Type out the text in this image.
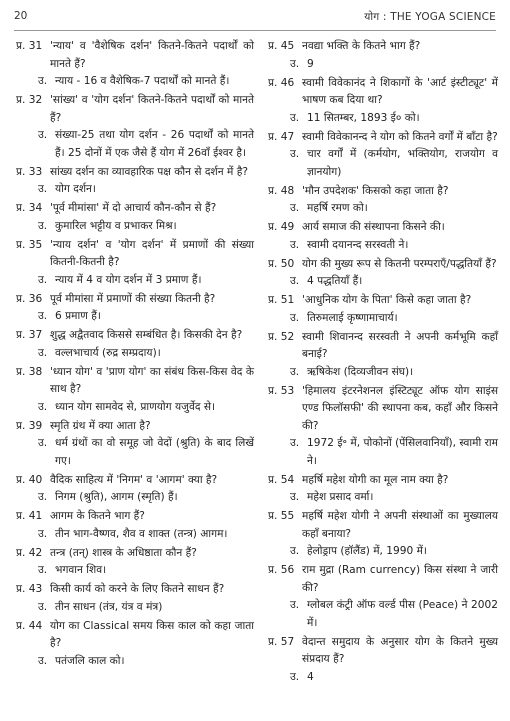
20	योग : THE YOGA SCIENCE
प्र. 31 'न्याय' व 'वैशेषिक दर्शन' कितने-कितने पदार्थों को मानते हैं?
उ. न्याय - 16 व वैशेषिक-7 पदार्थों को मानते हैं।
प्र. 32 'सांख्य' व 'योग दर्शन' कितने-कितने पदार्थों को मानते हैं?
उ. संख्या-25 तथा योग दर्शन - 26 पदार्थों को मानते हैं। 25 दोनों में एक जैसे हैं योग में 26वाँ ईश्वर है।
प्र. 33 सांख्य दर्शन का व्यावहारिक पक्ष कौन से दर्शन में है?
उ. योग दर्शन।
प्र. 34 'पूर्व मीमांसा' में दो आचार्य कौन-कौन से हैं?
उ. कुमारिल भट्टीय व प्रभाकर मिश्र।
प्र. 35 'न्याय दर्शन' व 'योग दर्शन' में प्रमाणों की संख्या कितनी-कितनी है?
उ. न्याय में 4 व योग दर्शन में 3 प्रमाण हैं।
प्र. 36 पूर्व मीमांसा में प्रमाणों की संख्या कितनी है?
उ. 6 प्रमाण हैं।
प्र. 37 शुद्ध अद्वैतवाद किससे सम्बंधित है। किसकी देन है?
उ. वल्लभाचार्य (रुद्र सम्प्रदाय)।
प्र. 38 'ध्यान योग' व 'प्राण योग' का संबंध किस-किस वेद के साथ है?
उ. ध्यान योग सामवेद से, प्राणयोग यजुर्वेद से।
प्र. 39 स्मृति ग्रंथ में क्या आता है?
उ. धर्म ग्रंथों का वो समूह जो वेदों (श्रुति) के बाद लिखें गए।
प्र. 40 वैदिक साहित्य में 'निगम' व 'आगम' क्या है?
उ. निगम (श्रुति), आगम (स्मृति) हैं।
प्र. 41 आगम के कितने भाग हैं?
उ. तीन भाग-वैष्णव, शैव व शाक्त (तन्त्र) आगम।
प्र. 42 तन्त्र (तन्) शास्त्र के अधिष्ठाता कौन हैं?
उ. भगवान शिव।
प्र. 43 किसी कार्य को करने के लिए कितने साधन हैं?
उ. तीन साधन (तंत्र, यंत्र व मंत्र)
प्र. 44 योग का Classical समय किस काल को कहा जाता है?
उ. पतंजलि काल को।
प्र. 45 नवद्या भक्ति के कितने भाग हैं?
उ. 9
प्र. 46 स्वामी विवेकानंद ने शिकागों के 'आर्ट इंस्टीट्यूट' में भाषण कब दिया था?
उ. 11 सितम्बर, 1893 ई० को।
प्र. 47 स्वामी विवेकानन्द ने योग को कितने वर्गों में बाँटा है?
उ. चार वर्गों में (कर्मयोग, भक्तियोग, राजयोग व ज्ञानयोग)
प्र. 48 'मौन उपदेशक' किसको कहा जाता है?
उ. महर्षि रमण को।
प्र. 49 आर्य समाज की संस्थापना किसने की।
उ. स्वामी दयानन्द सरस्वती ने।
प्र. 50 योग की मुख्य रूप से कितनी परम्पराएँ/पद्धतियाँ हैं?
उ. 4 पद्धतियाँ हैं।
प्र. 51 'आधुनिक योग के पिता' किसे कहा जाता है?
उ. तिरुमलाई कृष्णामाचार्य।
प्र. 52 स्वामी शिवानन्द सरस्वती ने अपनी कर्मभूमि कहाँ बनाई?
उ. ऋषिकेश (दिव्यजीवन संघ)।
प्र. 53 'हिमालय इंटरनेशनल इंस्टिट्यूट ऑफ योग साइंस एण्ड फिलॉसफी' की स्थापना कब, कहाँ और किसने की?
उ. 1972 ई॰ में, पोकोनों (पेंसिलवानियाँ), स्वामी राम ने।
प्र. 54 महर्षि महेश योगी का मूल नाम क्या है?
उ. महेश प्रसाद वर्मा।
प्र. 55 महर्षि महेश योगी ने अपनी संस्थाओं का मुख्यालय कहाँ बनाया?
उ. हेलोड्राप (हॉलैंड) में, 1990 में।
प्र. 56 राम मुद्रा (Ram currency) किस संस्था ने जारी की?
उ. ग्लोबल कंट्री ऑफ वर्ल्ड पीस (Peace) ने 2002 में।
प्र. 57 वेदान्त समुदाय के अनुसार योग के कितने मुख्य संप्रदाय हैं?
उ. 4
